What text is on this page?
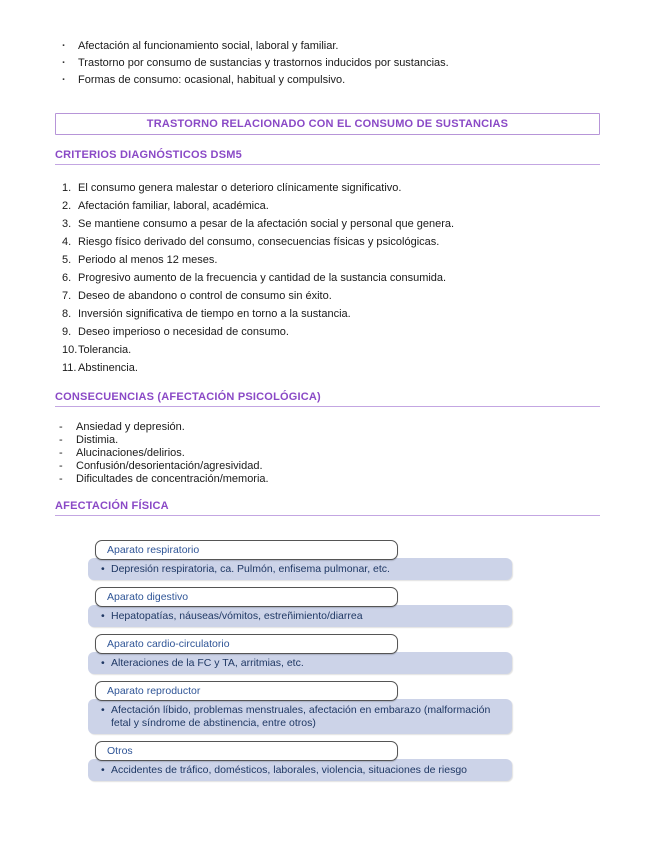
· Afectación al funcionamiento social, laboral y familiar.
· Trastorno por consumo de sustancias y trastornos inducidos por sustancias.
· Formas de consumo: ocasional, habitual y compulsivo.
TRASTORNO RELACIONADO CON EL CONSUMO DE SUSTANCIAS
CRITERIOS DIAGNÓSTICOS DSM5
El consumo genera malestar o deterioro clínicamente significativo.
Afectación familiar, laboral, académica.
Se mantiene consumo a pesar de la afectación social y personal que genera.
Riesgo físico derivado del consumo, consecuencias físicas y psicológicas.
Periodo al menos 12 meses.
Progresivo aumento de la frecuencia y cantidad de la sustancia consumida.
Deseo de abandono o control de consumo sin éxito.
Inversión significativa de tiempo en torno a la sustancia.
Deseo imperioso o necesidad de consumo.
Tolerancia.
Abstinencia.
CONSECUENCIAS (AFECTACIÓN PSICOLÓGICA)
- Ansiedad y depresión.
- Distimia.
- Alucinaciones/delirios.
- Confusión/desorientación/agresividad.
- Dificultades de concentración/memoria.
AFECTACIÓN FÍSICA
Aparato respiratorio
• Depresión respiratoria, ca. Pulmón, enfisema pulmonar, etc.
Aparato digestivo
• Hepatopatías, náuseas/vómitos, estreñimiento/diarrea
Aparato cardio-circulatorio
• Alteraciones de la FC y TA, arritmias, etc.
Aparato reproductor
• Afectación líbido, problemas menstruales, afectación en embarazo (malformación fetal y síndrome de abstinencia, entre otros)
Otros
• Accidentes de tráfico, domésticos, laborales, violencia, situaciones de riesgo
